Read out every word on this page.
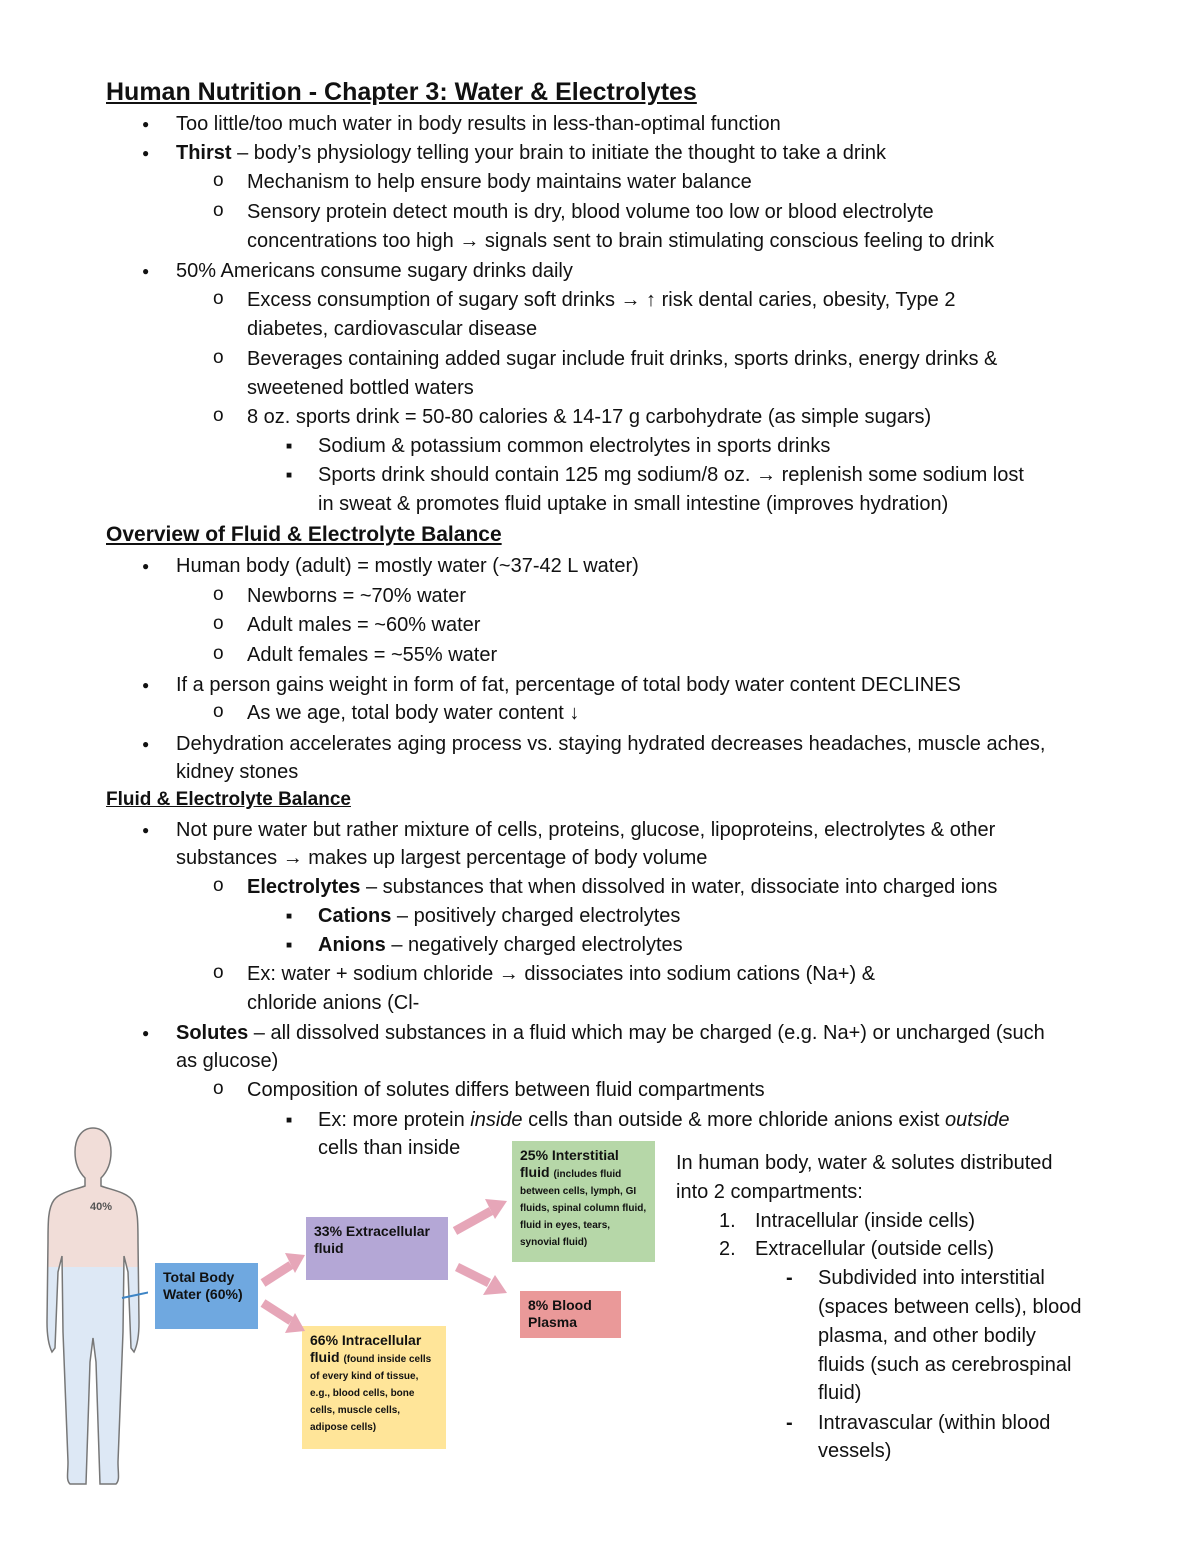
Human Nutrition - Chapter 3: Water & Electrolytes
● Too little/too much water in body results in less-than-optimal function
● Thirst – body’s physiology telling your brain to initiate the thought to take a drink
o Mechanism to help ensure body maintains water balance
o Sensory protein detect mouth is dry, blood volume too low or blood electrolyte
concentrations too high → signals sent to brain stimulating conscious feeling to drink
● 50% Americans consume sugary drinks daily
o Excess consumption of sugary soft drinks → ↑ risk dental caries, obesity, Type 2
diabetes, cardiovascular disease
o Beverages containing added sugar include fruit drinks, sports drinks, energy drinks &
sweetened bottled waters
o 8 oz. sports drink = 50-80 calories & 14-17 g carbohydrate (as simple sugars)
■ Sodium & potassium common electrolytes in sports drinks
■ Sports drink should contain 125 mg sodium/8 oz. → replenish some sodium lost
in sweat & promotes fluid uptake in small intestine (improves hydration)
Overview of Fluid & Electrolyte Balance
● Human body (adult) = mostly water (~37-42 L water)
o Newborns = ~70% water
o Adult males = ~60% water
o Adult females = ~55% water
● If a person gains weight in form of fat, percentage of total body water content DECLINES
o As we age, total body water content ↓
● Dehydration accelerates aging process vs. staying hydrated decreases headaches, muscle aches,
kidney stones
Fluid & Electrolyte Balance
● Not pure water but rather mixture of cells, proteins, glucose, lipoproteins, electrolytes & other
substances → makes up largest percentage of body volume
o Electrolytes – substances that when dissolved in water, dissociate into charged ions
■ Cations – positively charged electrolytes
■ Anions – negatively charged electrolytes
o Ex: water + sodium chloride → dissociates into sodium cations (Na+) &
chloride anions (Cl-
● Solutes – all dissolved substances in a fluid which may be charged (e.g. Na+) or uncharged (such
as glucose)
o Composition of solutes differs between fluid compartments
■ Ex: more protein inside cells than outside & more chloride anions exist outside
cells than inside
40%
Total Body Water (60%)
33% Extracellular fluid
66% Intracellular fluid (found inside cells of every kind of tissue, e.g., blood cells, bone cells, muscle cells, adipose cells)
25% Interstitial fluid (includes fluid between cells, lymph, GI fluids, spinal column fluid, fluid in eyes, tears, synovial fluid)
8% Blood Plasma
In human body, water & solutes distributed
into 2 compartments:
1. Intracellular (inside cells)
2. Extracellular (outside cells)
- Subdivided into interstitial
(spaces between cells), blood
plasma, and other bodily
fluids (such as cerebrospinal
fluid)
- Intravascular (within blood
vessels)
